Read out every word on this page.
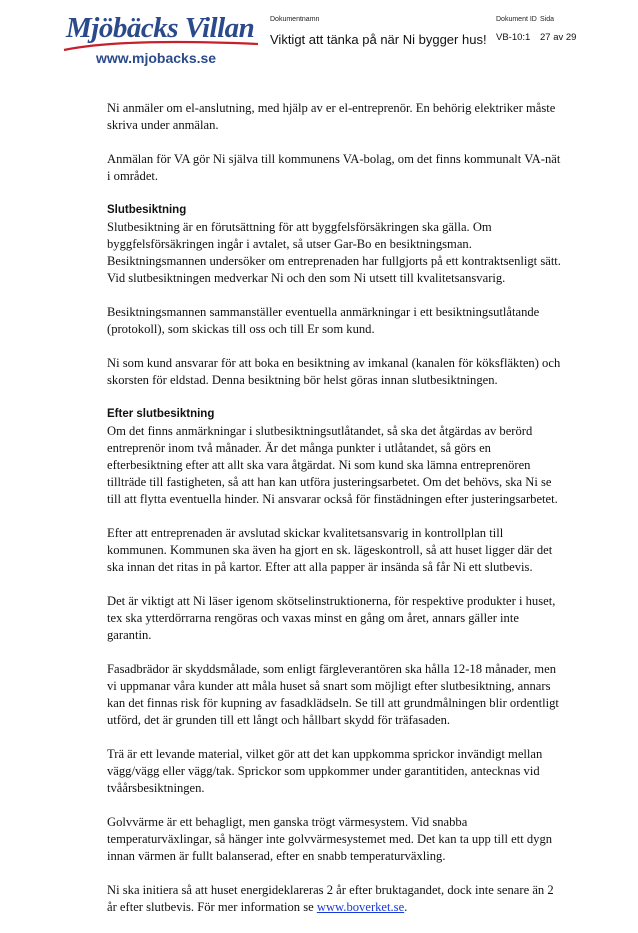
Mjöbäcks Villan
www.mjobacks.se
Dokumentnamn
Viktigt att tänka på när Ni bygger hus!
Dokument ID
VB-10:1
Sida
27 av 29

Ni anmäler om el-anslutning, med hjälp av er el-entreprenör. En behörig elektriker måste skriva under anmälan.

Anmälan för VA gör Ni själva till kommunens VA-bolag, om det finns kommunalt VA-nät i området.

Slutbesiktning

Slutbesiktning är en förutsättning för att byggfelsförsäkringen ska gälla. Om byggfelsförsäkringen ingår i avtalet, så utser Gar-Bo en besiktningsman. Besiktningsmannen undersöker om entreprenaden har fullgjorts på ett kontraktsenligt sätt. Vid slutbesiktningen medverkar Ni och den som Ni utsett till kvalitetsansvarig.

Besiktningsmannen sammanställer eventuella anmärkningar i ett besiktningsutlåtande (protokoll), som skickas till oss och till Er som kund.

Ni som kund ansvarar för att boka en besiktning av imkanal (kanalen för köksfläkten) och skorsten för eldstad. Denna besiktning bör helst göras innan slutbesiktningen.

Efter slutbesiktning

Om det finns anmärkningar i slutbesiktningsutlåtandet, så ska det åtgärdas av berörd entreprenör inom två månader. Är det många punkter i utlåtandet, så görs en efterbesiktning efter att allt ska vara åtgärdat. Ni som kund ska lämna entreprenören tillträde till fastigheten, så att han kan utföra justeringsarbetet. Om det behövs, ska Ni se till att flytta eventuella hinder. Ni ansvarar också för finstädningen efter justeringsarbetet.

Efter att entreprenaden är avslutad skickar kvalitetsansvarig in kontrollplan till kommunen. Kommunen ska även ha gjort en sk. lägeskontroll, så att huset ligger där det ska innan det ritas in på kartor. Efter att alla papper är insända så får Ni ett slutbevis.

Det är viktigt att Ni läser igenom skötselinstruktionerna, för respektive produkter i huset, tex ska ytterdörrarna rengöras och vaxas minst en gång om året, annars gäller inte garantin.

Fasadbrädor är skyddsmålade, som enligt färgleverantören ska hålla 12-18 månader, men vi uppmanar våra kunder att måla huset så snart som möjligt efter slutbesiktning, annars kan det finnas risk för kupning av fasadklädseln. Se till att grundmålningen blir ordentligt utförd, det är grunden till ett långt och hållbart skydd för träfasaden.

Trä är ett levande material, vilket gör att det kan uppkomma sprickor invändigt mellan vägg/vägg eller vägg/tak. Sprickor som uppkommer under garantitiden, antecknas vid tvåårsbesiktningen.

Golvvärme är ett behagligt, men ganska trögt värmesystem. Vid snabba temperaturväxlingar, så hänger inte golvvärmesystemet med. Det kan ta upp till ett dygn innan värmen är fullt balanserad, efter en snabb temperaturväxling.

Ni ska initiera så att huset energideklareras 2 år efter bruktagandet, dock inte senare än 2 år efter slutbevis. För mer information se www.boverket.se.
